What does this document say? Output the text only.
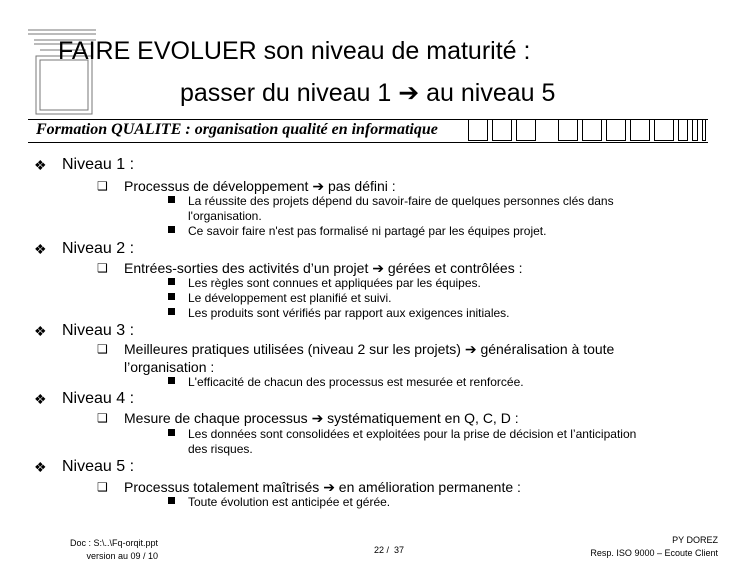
FAIRE EVOLUER son niveau de maturité :
passer du niveau 1 ➔ au niveau 5
Formation QUALITE : organisation qualité en informatique
❖ Niveau 1 :
❑ Processus de développement ➔ pas défini :
La réussite des projets dépend du savoir-faire de quelques personnes clés dans l'organisation.
Ce savoir faire n'est pas formalisé ni partagé par les équipes projet.
❖ Niveau 2 :
❑ Entrées-sorties des activités d’un projet ➔ gérées et contrôlées :
Les règles sont connues et appliquées par les équipes.
Le développement est planifié et suivi.
Les produits sont vérifiés par rapport aux exigences initiales.
❖ Niveau 3 :
❑ Meilleures pratiques utilisées (niveau 2 sur les projets) ➔ généralisation à toute l’organisation :
L'efficacité de chacun des processus est mesurée et renforcée.
❖ Niveau 4 :
❑ Mesure de chaque processus ➔ systématiquement en Q, C, D :
Les données sont consolidées et exploitées pour la prise de décision et l’anticipation des risques.
❖ Niveau 5 :
❑ Processus totalement maîtrisés ➔ en amélioration permanente :
Toute évolution est anticipée et gérée.
Doc : S:\..\Fq-orqit.ppt
version au 09 / 10
22 /  37
PY DOREZ
Resp. ISO 9000 – Ecoute Client
